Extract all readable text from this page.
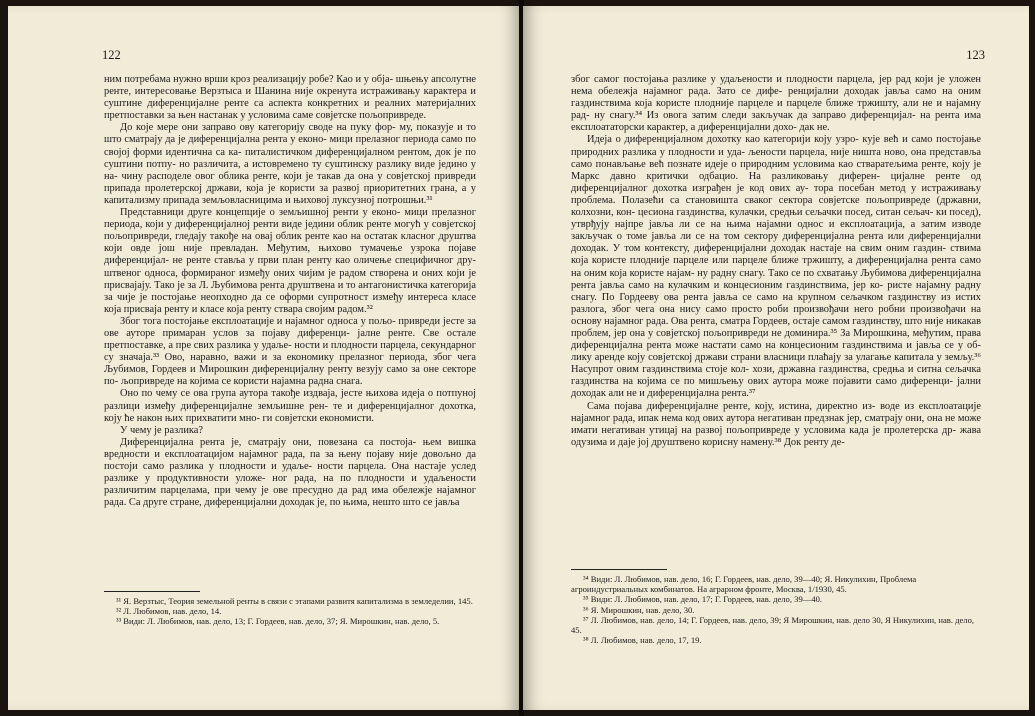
122

ним потребама нужно врши кроз реализацију робе? Као и у обја- шњењу апсолутне ренте, интересовање Верзтыса и Шанина није окренута истраживању карактера и суштине диференцијалне ренте са аспекта конкретних и реалних материјалних претпоставки за њен настанак у условима саме совјетске пољопривреде.

До које мере они заправо ову категорију своде на пуку фор- му, показује и то што сматрају да је диференцијална рента у еконо- мици прелазног периода само по својој форми идентична са ка- питалистичком диференцијалном рентом, док је по суштини потпу- но различита, а истовремено ту суштинску разлику виде једино у на- чину расподеле овог облика ренте, који је такав да она у совјетској привреди припада пролетерској држави, која је користи за развој приоритетних грана, а у капитализму припада земљовласницима и њиховој луксузној потрошњи.³¹

Представници друге концепције о земљишној ренти у еконо- мици прелазног периода, који у диференцијалној ренти виде једини облик ренте могућ у совјетској пољопривреди, гледају такође на овај облик ренте као на остатак класног друштва који овде још није превладан. Међутим, њихово тумачење узрока појаве диференцијал- не ренте ставља у први план ренту као оличење специфичног дру- штвеног односа, формираног између оних чијим је радом створена и оних који је присвајају. Тако је за Л. Љубимова рента друштвена и то антагонистичка категорија за чије је постојање неопходно да се оформи супротност између интереса класе која присвајa ренту и класе која ренту ствара својим радом.³²

Због тога постојање експлоатације и најамног односа у пољо- привреди јесте за ове ауторе примаран услов за појаву диференци- јалне ренте. Све остале претпоставке, а пре свих разлика у удаље- ности и плодности парцела, секундарног су значаја.³³ Ово, наравно, важи и за економику прелазног периода, због чега Љубимов, Гордеев и Мирошкин диференцијалну ренту везују само за оне секторе по- љопривреде на којима се користи најамна радна снага.

Оно по чему се ова група аутора такође издваја, јесте њихова идеја о потпуној разлици између диференцијалне земљишне рен- те и диференцијалног дохотка, коју ће након њих прихватити мно- ги совјетски економисти.

У чему је разлика?

Диференцијална рента је, сматрају они, повезана са постоја- њем вишка вредности и експлоатацијом најамног рада, па за њену појаву није довољно да постоји само разлика у плодности и удаље- ности парцела. Она настаје услед разлике у продуктивности уложе- ног рада, на по плодности и удаљености различитим парцелама, при чему је ове пресудно да рад има обележје најамног рада. Са друге стране, диференцијални доходак је, по њима, нешто што се јавља

³¹ Я. Верзтыс, Теория земельной ренты в связи с этапами развитя капитализма в земледелии, 145.

³² Л. Любимов, нав. дело, 14.

³³ Види: Л. Любимов, нав. дело, 13; Г. Гордеев, нав. дело, 37; Я. Мирошкин, нав. дело, 5.

123

због самог постојања разлике у удаљености и плодности парцела, јер рад који је уложен нема обележја најамног рада. Зато се дифе- ренцијални доходак јавља само на оним газдинствима која користе плодније парцеле и парцеле ближе тржишту, али не и најамну рад- ну снагу.³⁴ Из овога затим следи закључак да заправо диференцијал- на рента има експлоататорски карактер, а диференцијални дохо- дак не.

Идеја о диференцијалном дохотку као категорији коју узро- кује већ и само постојање природних разлика у плодности и уда- љености парцела, није ништа ново, она представља само понављање већ познате идеје о природним условима као стваратељима ренте, коју је Маркс давно критички одбацио. На разликовању диферен- цијалне ренте од диференцијалног дохотка изграђен је код ових ау- тора посебан метод у истраживању проблема. Полазећи са становишта сваког сектора совјетске пољопривреде (државни, колхозни, кон- цесиона газдинства, кулачки, средњи сељачки посед, ситан сељач- ки посед), утврђују најпре јавља ли се на њима најамни однос и експлоатација, а затим изводе закључак о томе јавља ли се на том сектору диференцијална рента или диференцијални доходак. У том контексту, диференцијални доходак настаје на свим оним газдин- ствима која користе плодније парцеле или парцеле ближе тржишту, а диференцијална рента само на оним која користе најам- ну радну снагу. Тако се по схватању Љубимова диференцијална рента јавља само на кулачким и концесионим газдинствима, јер ко- ристе најамну радну снагу. По Гордееву ова рента јавља се само на крупном сељачком газдинству из истих разлога, због чега она нису само просто роби произвођачи него робни произвођачи на основу најамног рада. Ова рента, сматра Гордеев, остаје самом газдинству, што није никакав проблем, јер она у совјетској пољопривреди не доминира.³⁵ За Мирошкина, међутим, права диференцијална рента може настати само на концесионим газдинствима и јавља се у об- лику аренде коју совјетској држави страни власници плаћају за улагање капитала у земљу.³⁶ Насупрот овим газдинствима стоје кол- хози, државна газдинства, средња и ситна сељачка газдинства на којима се по мишљењу ових аутора може појавити само диференци- јални доходак али не и диференцијална рента.³⁷

Сама појава диференцијалне ренте, коју, истина, директно из- воде из експлоатације најамног рада, ипак нема код ових аутора негативан предзнак јер, сматрају они, она не може имати негативан утицај на развој пољопривреде у условима када је пролетерска др- жава одузима и даје јој друштвено корисну намену.³⁸ Док ренту де-

³⁴ Види: Л. Любимов, нав. дело, 16; Г. Гордеев, нав. дело, 39—40; Я. Никулихин, Проблема агроиндустриальных комбинатов. На аграрном фронте, Москва, 1/1930, 45.

³⁵ Види: Л. Любимов, нав. дело, 17; Г. Гордеев, нав. дело, 39—40.

³⁶ Я. Мирошкин, нав. дело, 30.

³⁷ Л. Любимов, нав. дело, 14; Г. Гордеев, нав. дело, 39; Я Мирошкин, нав. дело 30, Я Никулихин, нав. дело, 45.

³⁸ Л. Любимов, нав. дело, 17, 19.
